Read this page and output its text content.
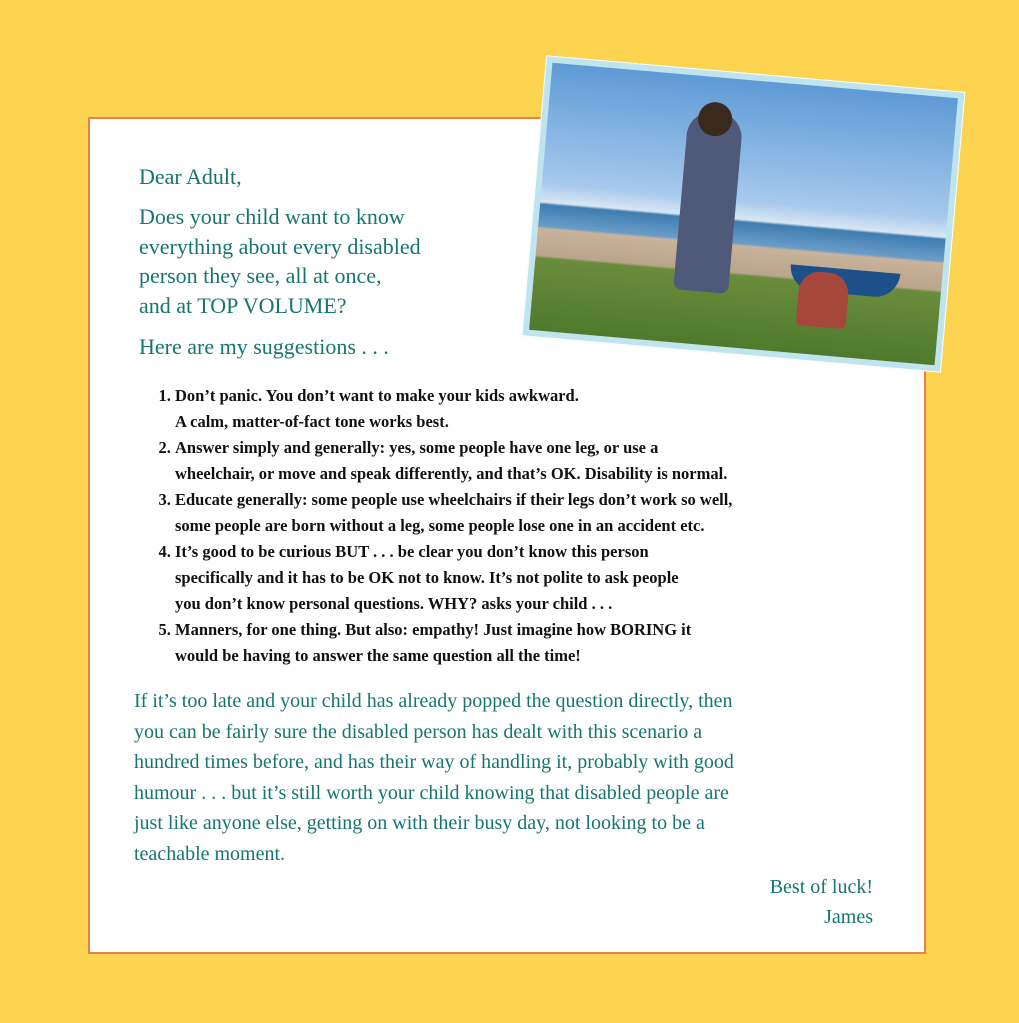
Dear Adult,
Does your child want to know
everything about every disabled
person they see, all at once,
and at TOP VOLUME?
Here are my suggestions . . .
1. Don’t panic. You don’t want to make your kids awkward.
A calm, matter-of-fact tone works best.
2. Answer simply and generally: yes, some people have one leg, or use a
wheelchair, or move and speak differently, and that’s OK. Disability is normal.
3. Educate generally: some people use wheelchairs if their legs don’t work so well,
some people are born without a leg, some people lose one in an accident etc.
4. It’s good to be curious BUT . . . be clear you don’t know this person
specifically and it has to be OK not to know. It’s not polite to ask people
you don’t know personal questions. WHY? asks your child . . .
5. Manners, for one thing. But also: empathy! Just imagine how BORING it
would be having to answer the same question all the time!
If it’s too late and your child has already popped the question directly, then
you can be fairly sure the disabled person has dealt with this scenario a
hundred times before, and has their way of handling it, probably with good
humour . . . but it’s still worth your child knowing that disabled people are
just like anyone else, getting on with their busy day, not looking to be a
teachable moment.
Best of luck!
James
